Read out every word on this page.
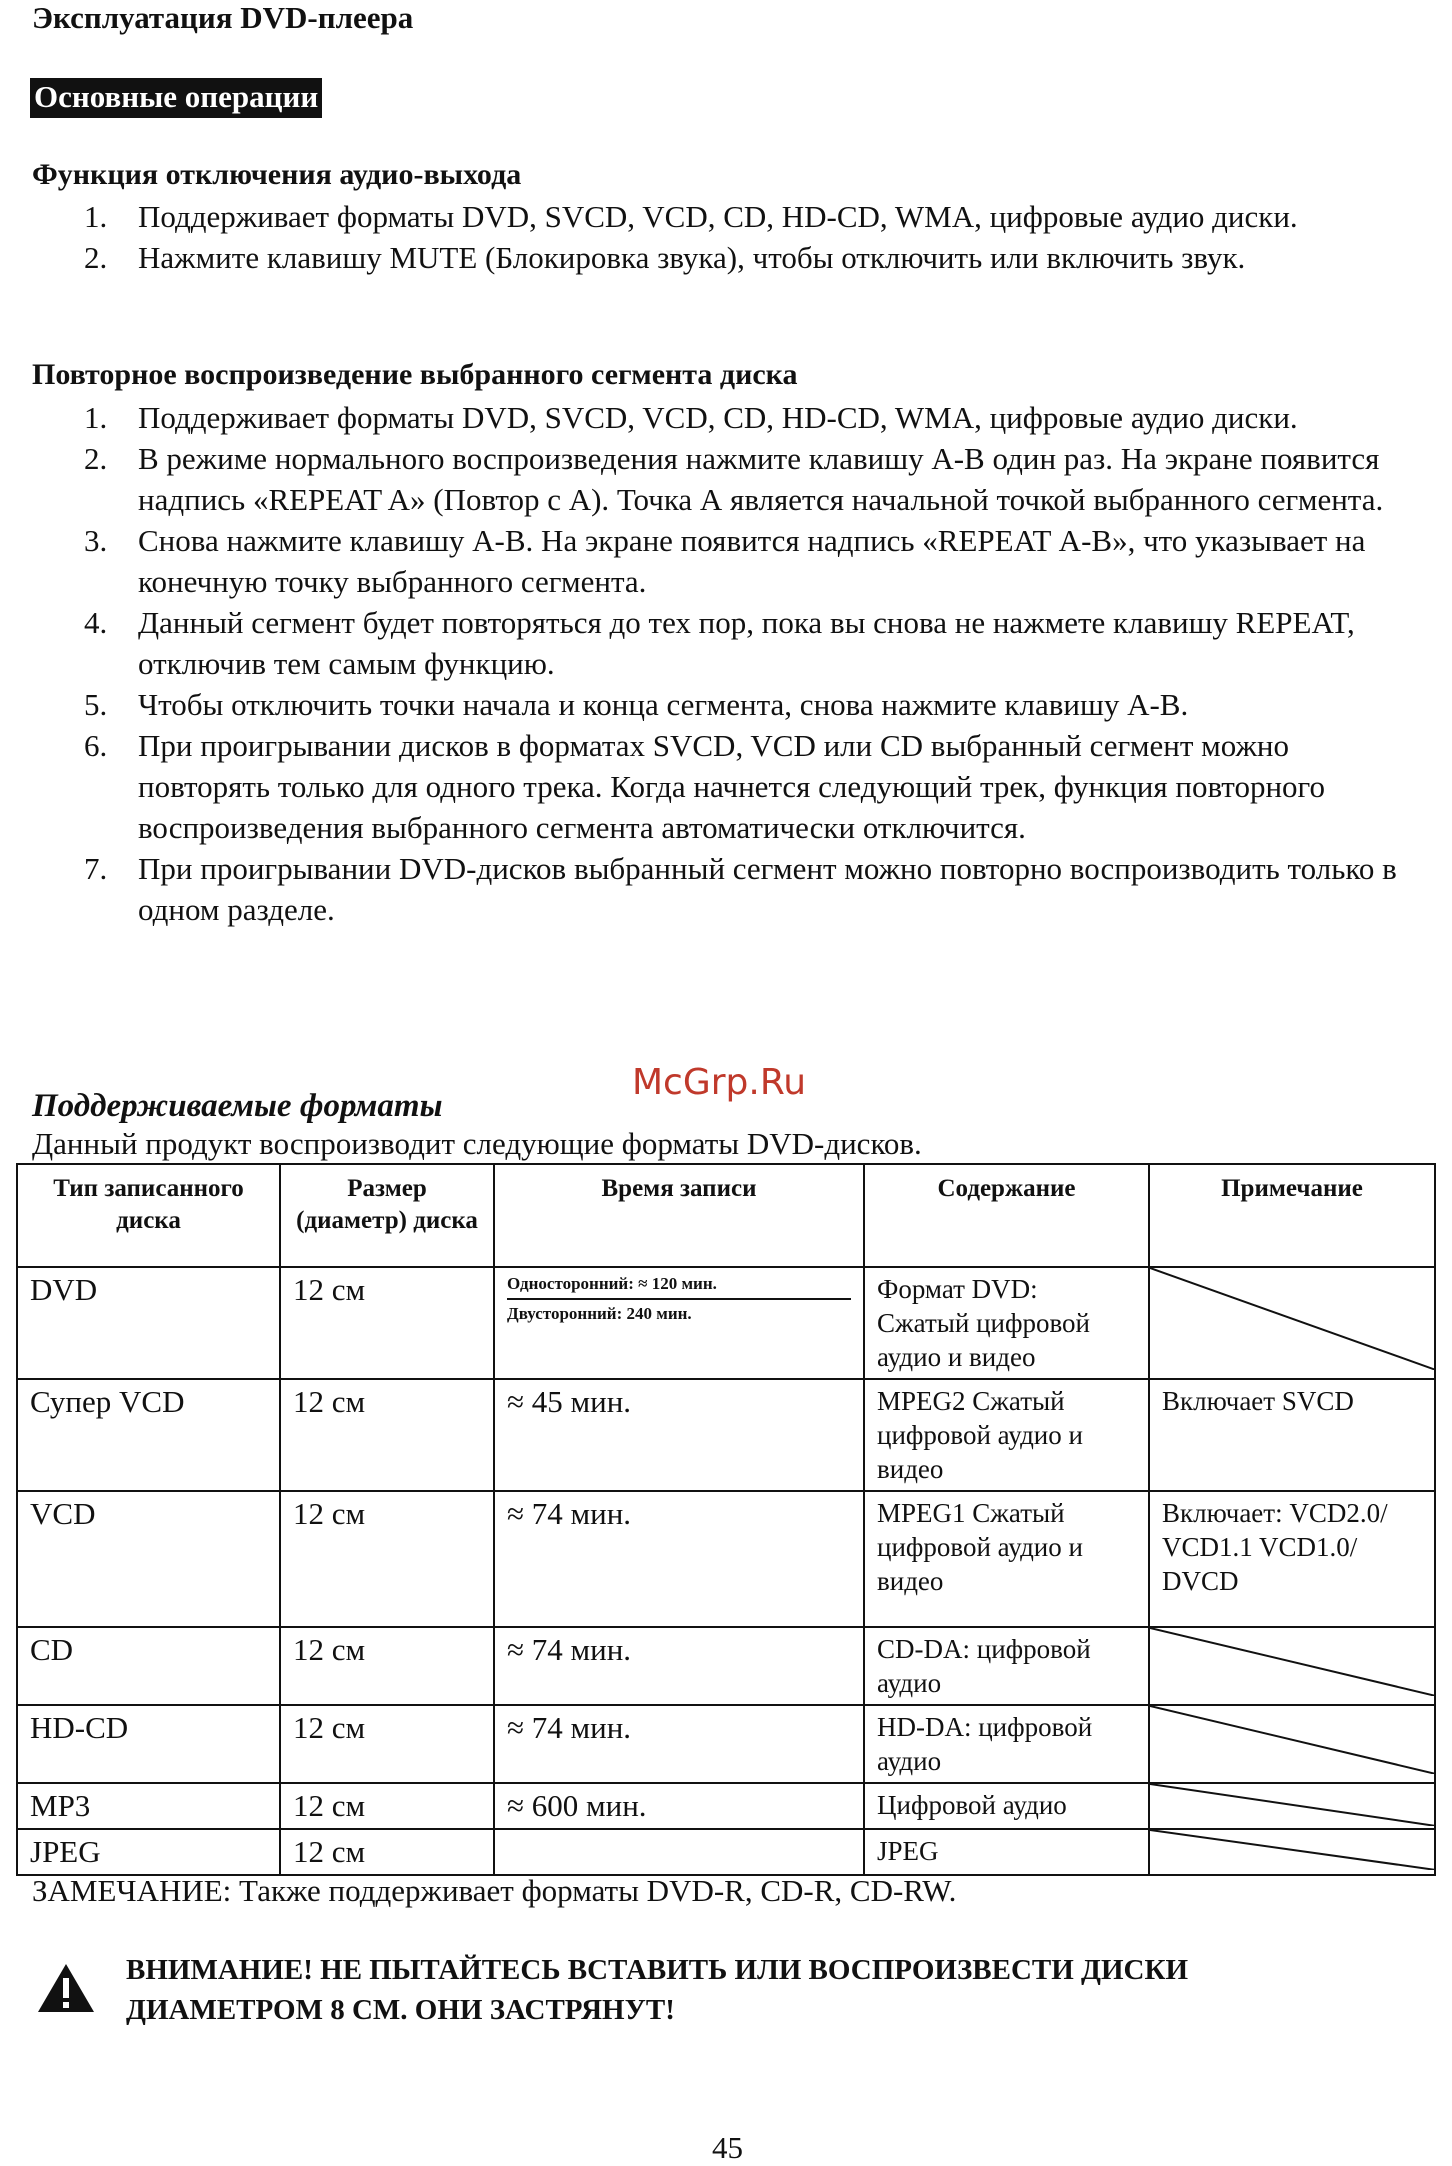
Эксплуатация DVD-плеера
Основные операции
Функция отключения аудио-выхода
1. Поддерживает форматы DVD, SVCD, VCD, CD, HD-CD, WMA, цифровые аудио диски.
2. Нажмите клавишу MUTE (Блокировка звука), чтобы отключить или включить звук.
Повторное воспроизведение выбранного сегмента диска
1. Поддерживает форматы DVD, SVCD, VCD, CD, HD-CD, WMA, цифровые аудио диски.
2. В режиме нормального воспроизведения нажмите клавишу A-B один раз. На экране появится надпись «REPEAT A» (Повтор с А). Точка А является начальной точкой выбранного сегмента.
3. Снова нажмите клавишу А-В. На экране появится надпись «REPEAT А-В», что указывает на конечную точку выбранного сегмента.
4. Данный сегмент будет повторяться до тех пор, пока вы снова не нажмете клавишу REPEAT, отключив тем самым функцию.
5. Чтобы отключить точки начала и конца сегмента, снова нажмите клавишу А-В.
6. При проигрывании дисков в форматах SVCD, VCD или CD выбранный сегмент можно повторять только для одного трека. Когда начнется следующий трек, функция повторного воспроизведения выбранного сегмента автоматически отключится.
7. При проигрывании DVD-дисков выбранный сегмент можно повторно воспроизводить только в одном разделе.
McGrp.Ru
Поддерживаемые форматы
Данный продукт воспроизводит следующие форматы DVD-дисков.
Тип записанного диска	Размер (диаметр) диска	Время записи	Содержание	Примечание
DVD	12 см	Односторонний: ≈ 120 мин.
Двусторонний: 240 мин.	Формат DVD: Сжатый цифровой аудио и видео	

Супер VCD	12 см	≈ 45 мин.	MPEG2 Сжатый цифровой аудио и видео	Включает SVCD
VCD	12 см	≈ 74 мин.	MPEG1 Сжатый цифровой аудио и видео	Включает: VCD2.0/ VCD1.1 VCD1.0/ DVCD
CD	12 см	≈ 74 мин.	CD-DA: цифровой аудио	

HD-CD	12 см	≈ 74 мин.	HD-DA: цифровой аудио	

MP3	12 см	≈ 600 мин.	Цифровой аудио	

JPEG	12 см		JPEG	
ЗАМЕЧАНИЕ: Также поддерживает форматы DVD-R, CD-R, CD-RW.
ВНИМАНИЕ! НЕ ПЫТАЙТЕСЬ ВСТАВИТЬ ИЛИ ВОСПРОИЗВЕСТИ ДИСКИ ДИАМЕТРОМ 8 СМ. ОНИ ЗАСТРЯНУТ!
45
